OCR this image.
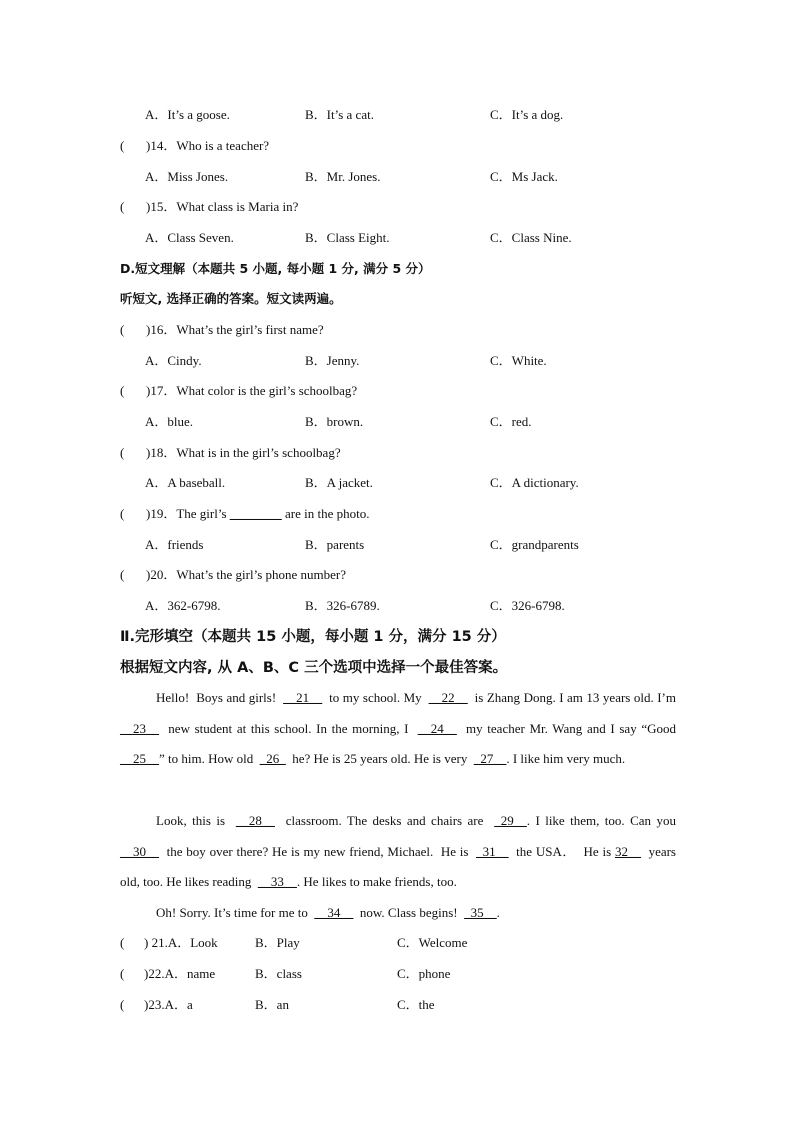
A．It’s a goose.	B．It’s a cat.	C．It’s a dog.
( )14．Who is a teacher?
A．Miss Jones.	B．Mr. Jones.	C．Ms Jack.
( )15．What class is Maria in?
A．Class Seven.	B．Class Eight.	C．Class Nine.
D.短文理解（本题共 5 小题, 每小题 1 分, 满分 5 分）
听短文, 选择正确的答案。短文读两遍。
( )16．What’s the girl’s first name?
A．Cindy.	B．Jenny.	C．White.
( )17．What color is the girl’s schoolbag?
A．blue.	B．brown.	C．red.
( )18．What is in the girl’s schoolbag?
A．A baseball.	B．A jacket.	C．A dictionary.
( )19．The girl’s ________ are in the photo.
A．friends	B．parents	C．grandparents
( )20．What’s the girl’s phone number?
A．362-6798.	B．326-6789.	C．326-6798.
Ⅱ.完形填空（本题共 15 小题，每小题 1 分，满分 15 分）
根据短文内容, 从 A、B、C 三个选项中选择一个最佳答案。
Hello!  Boys and girls!  __21__  to my school. My  __22__  is Zhang Dong. I am 13 years old. I’m  __23__  new student at this school. In the morning, I  __24__  my teacher Mr. Wang and I say “Good  __25__” to him. How old  _26_  he? He is 25 years old. He is very  _27__. I like him very much.
Look, this is  __28__  classroom. The desks and chairs are  _29__. I like them, too. Can you  __30__  the boy over there? He is my new friend, Michael.  He is  _31__  the USA．  He is 32__  years old, too. He likes reading  __33__. He likes to make friends, too.
Oh! Sorry. It’s time for me to  __34__  now. Class begins!  _35__.
( ) 21.A．Look	B．Play	C．Welcome
( )22.A．name	B．class	C．phone
( )23.A．a	B．an	C．the
